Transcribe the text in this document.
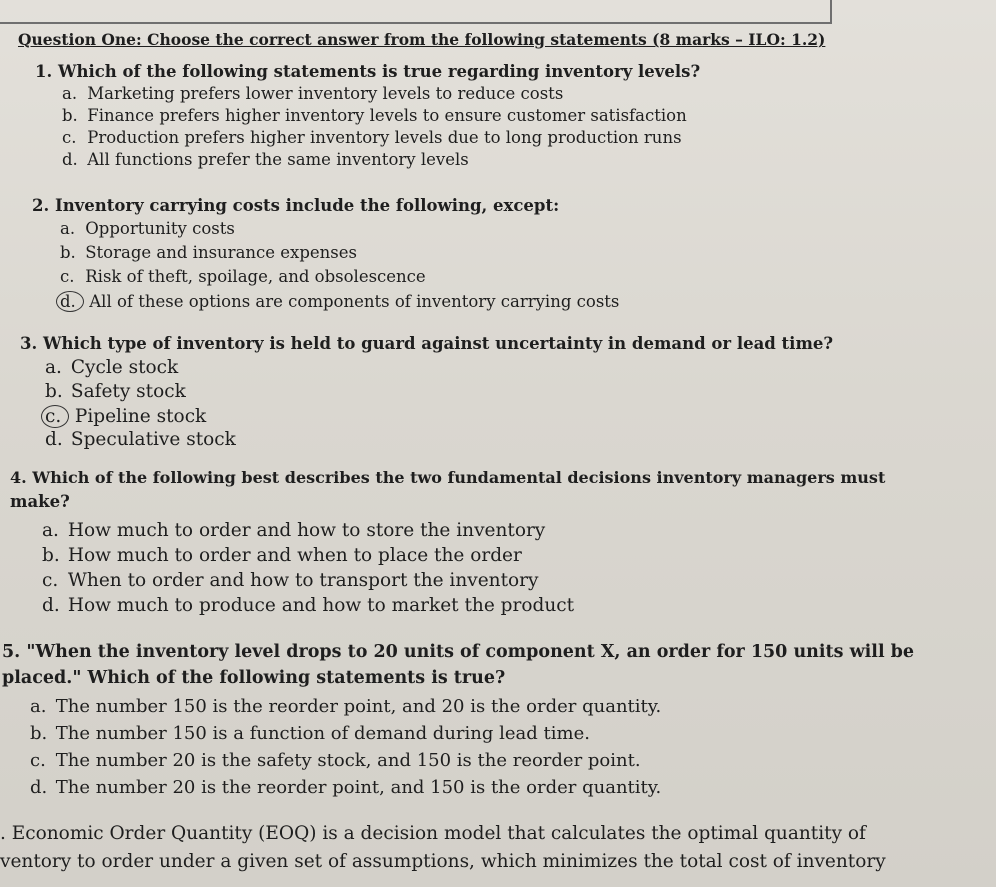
Question One: Choose the correct answer from the following statements (8 marks – ILO: 1.2)
1. Which of the following statements is true regarding inventory levels?
a. Marketing prefers lower inventory levels to reduce costs
b. Finance prefers higher inventory levels to ensure customer satisfaction
c. Production prefers higher inventory levels due to long production runs
d. All functions prefer the same inventory levels
2. Inventory carrying costs include the following, except:
a. Opportunity costs
b. Storage and insurance expenses
c. Risk of theft, spoilage, and obsolescence
d. All of these options are components of inventory carrying costs
3. Which type of inventory is held to guard against uncertainty in demand or lead time?
a. Cycle stock
b. Safety stock
c. Pipeline stock
d. Speculative stock
4. Which of the following best describes the two fundamental decisions inventory managers must
make?
a. How much to order and how to store the inventory
b. How much to order and when to place the order
c. When to order and how to transport the inventory
d. How much to produce and how to market the product
5. "When the inventory level drops to 20 units of component X, an order for 150 units will be
placed." Which of the following statements is true?
a. The number 150 is the reorder point, and 20 is the order quantity.
b. The number 150 is a function of demand during lead time.
c. The number 20 is the safety stock, and 150 is the reorder point.
d. The number 20 is the reorder point, and 150 is the order quantity.
. Economic Order Quantity (EOQ) is a decision model that calculates the optimal quantity of
ventory to order under a given set of assumptions, which minimizes the total cost of inventory
